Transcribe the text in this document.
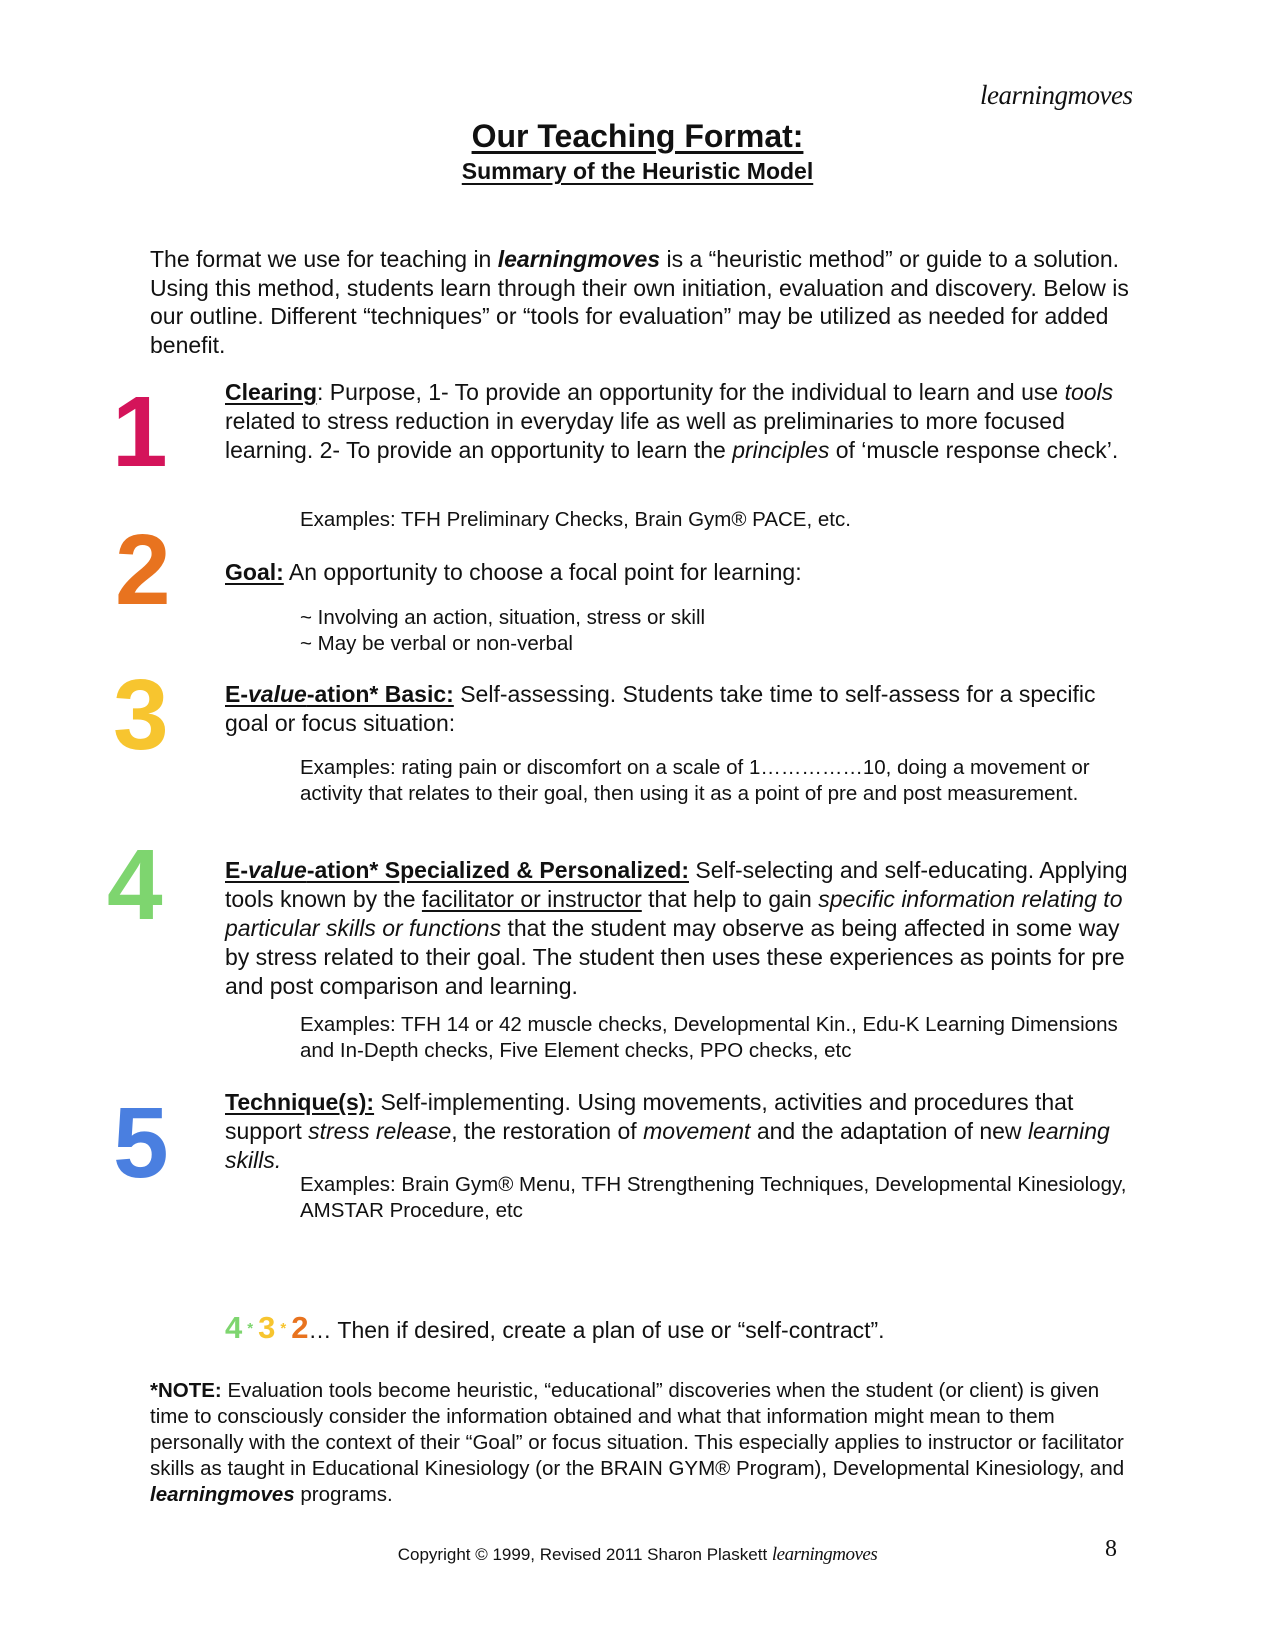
learningmoves
Our Teaching Format:
Summary of the Heuristic Model
The format we use for teaching in learningmoves is a “heuristic method” or guide to a solution. Using this method, students learn through their own initiation, evaluation and discovery. Below is our outline. Different “techniques” or “tools for evaluation” may be utilized as needed for added benefit.
1 Clearing: Purpose, 1- To provide an opportunity for the individual to learn and use tools related to stress reduction in everyday life as well as preliminaries to more focused learning. 2- To provide an opportunity to learn the principles of ‘muscle response check’.
Examples: TFH Preliminary Checks, Brain Gym® PACE, etc.
2 Goal: An opportunity to choose a focal point for learning:
~ Involving an action, situation, stress or skill
~ May be verbal or non-verbal
3 E-value-ation* Basic: Self-assessing. Students take time to self-assess for a specific goal or focus situation:
Examples: rating pain or discomfort on a scale of 1……………10, doing a movement or activity that relates to their goal, then using it as a point of pre and post measurement.
4	E-value-ation* Specialized & Personalized: Self-selecting and self-educating. Applying tools known by the facilitator or instructor that help to gain specific information relating to particular skills or functions that the student may observe as being affected in some way by stress related to their goal. The student then uses these experiences as points for pre and post comparison and learning.
Examples: TFH 14 or 42 muscle checks, Developmental Kin., Edu-K Learning Dimensions and In-Depth checks, Five Element checks, PPO checks, etc
5 Technique(s): Self-implementing. Using movements, activities and procedures that support stress release, the restoration of movement and the adaptation of new learning skills.
Examples: Brain Gym® Menu, TFH Strengthening Techniques, Developmental Kinesiology, AMSTAR Procedure, etc
4 * 3 * 2… Then if desired, create a plan of use or “self-contract”.
*NOTE: Evaluation tools become heuristic, “educational” discoveries when the student (or client) is given time to consciously consider the information obtained and what that information might mean to them personally with the context of their “Goal” or focus situation. This especially applies to instructor or facilitator skills as taught in Educational Kinesiology (or the BRAIN GYM® Program), Developmental Kinesiology, and learningmoves programs.
Copyright © 1999, Revised 2011 Sharon Plaskett learningmoves	8
